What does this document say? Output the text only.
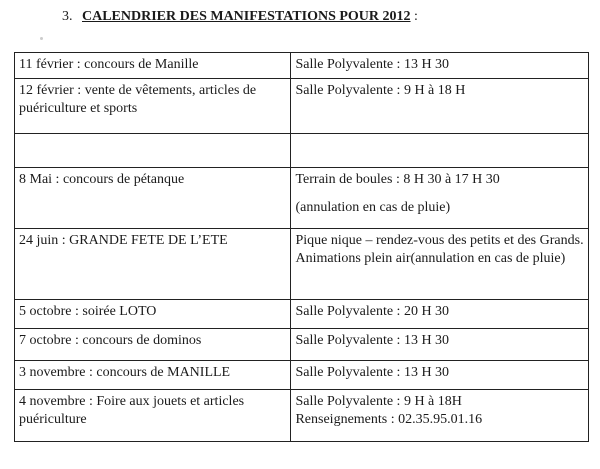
3. CALENDRIER DES MANIFESTATIONS POUR 2012 :
11 février : concours de Manille	Salle Polyvalente : 13 H 30
12 février : vente de vêtements, articles de puériculture et sports	Salle Polyvalente : 9 H à 18 H

8 Mai : concours de pétanque	Terrain de boules : 8 H 30 à 17 H 30
(annulation en cas de pluie)
24 juin : GRANDE FETE DE L’ETE	Pique nique – rendez-vous des petits et des Grands. Animations plein air(annulation en cas de pluie)
5 octobre : soirée LOTO	Salle Polyvalente : 20 H 30
7 octobre : concours de dominos	Salle Polyvalente : 13 H 30
3 novembre : concours de MANILLE	Salle Polyvalente : 13 H 30
4 novembre : Foire aux jouets et articles puériculture	Salle Polyvalente : 9 H à 18H
Renseignements : 02.35.95.01.16
